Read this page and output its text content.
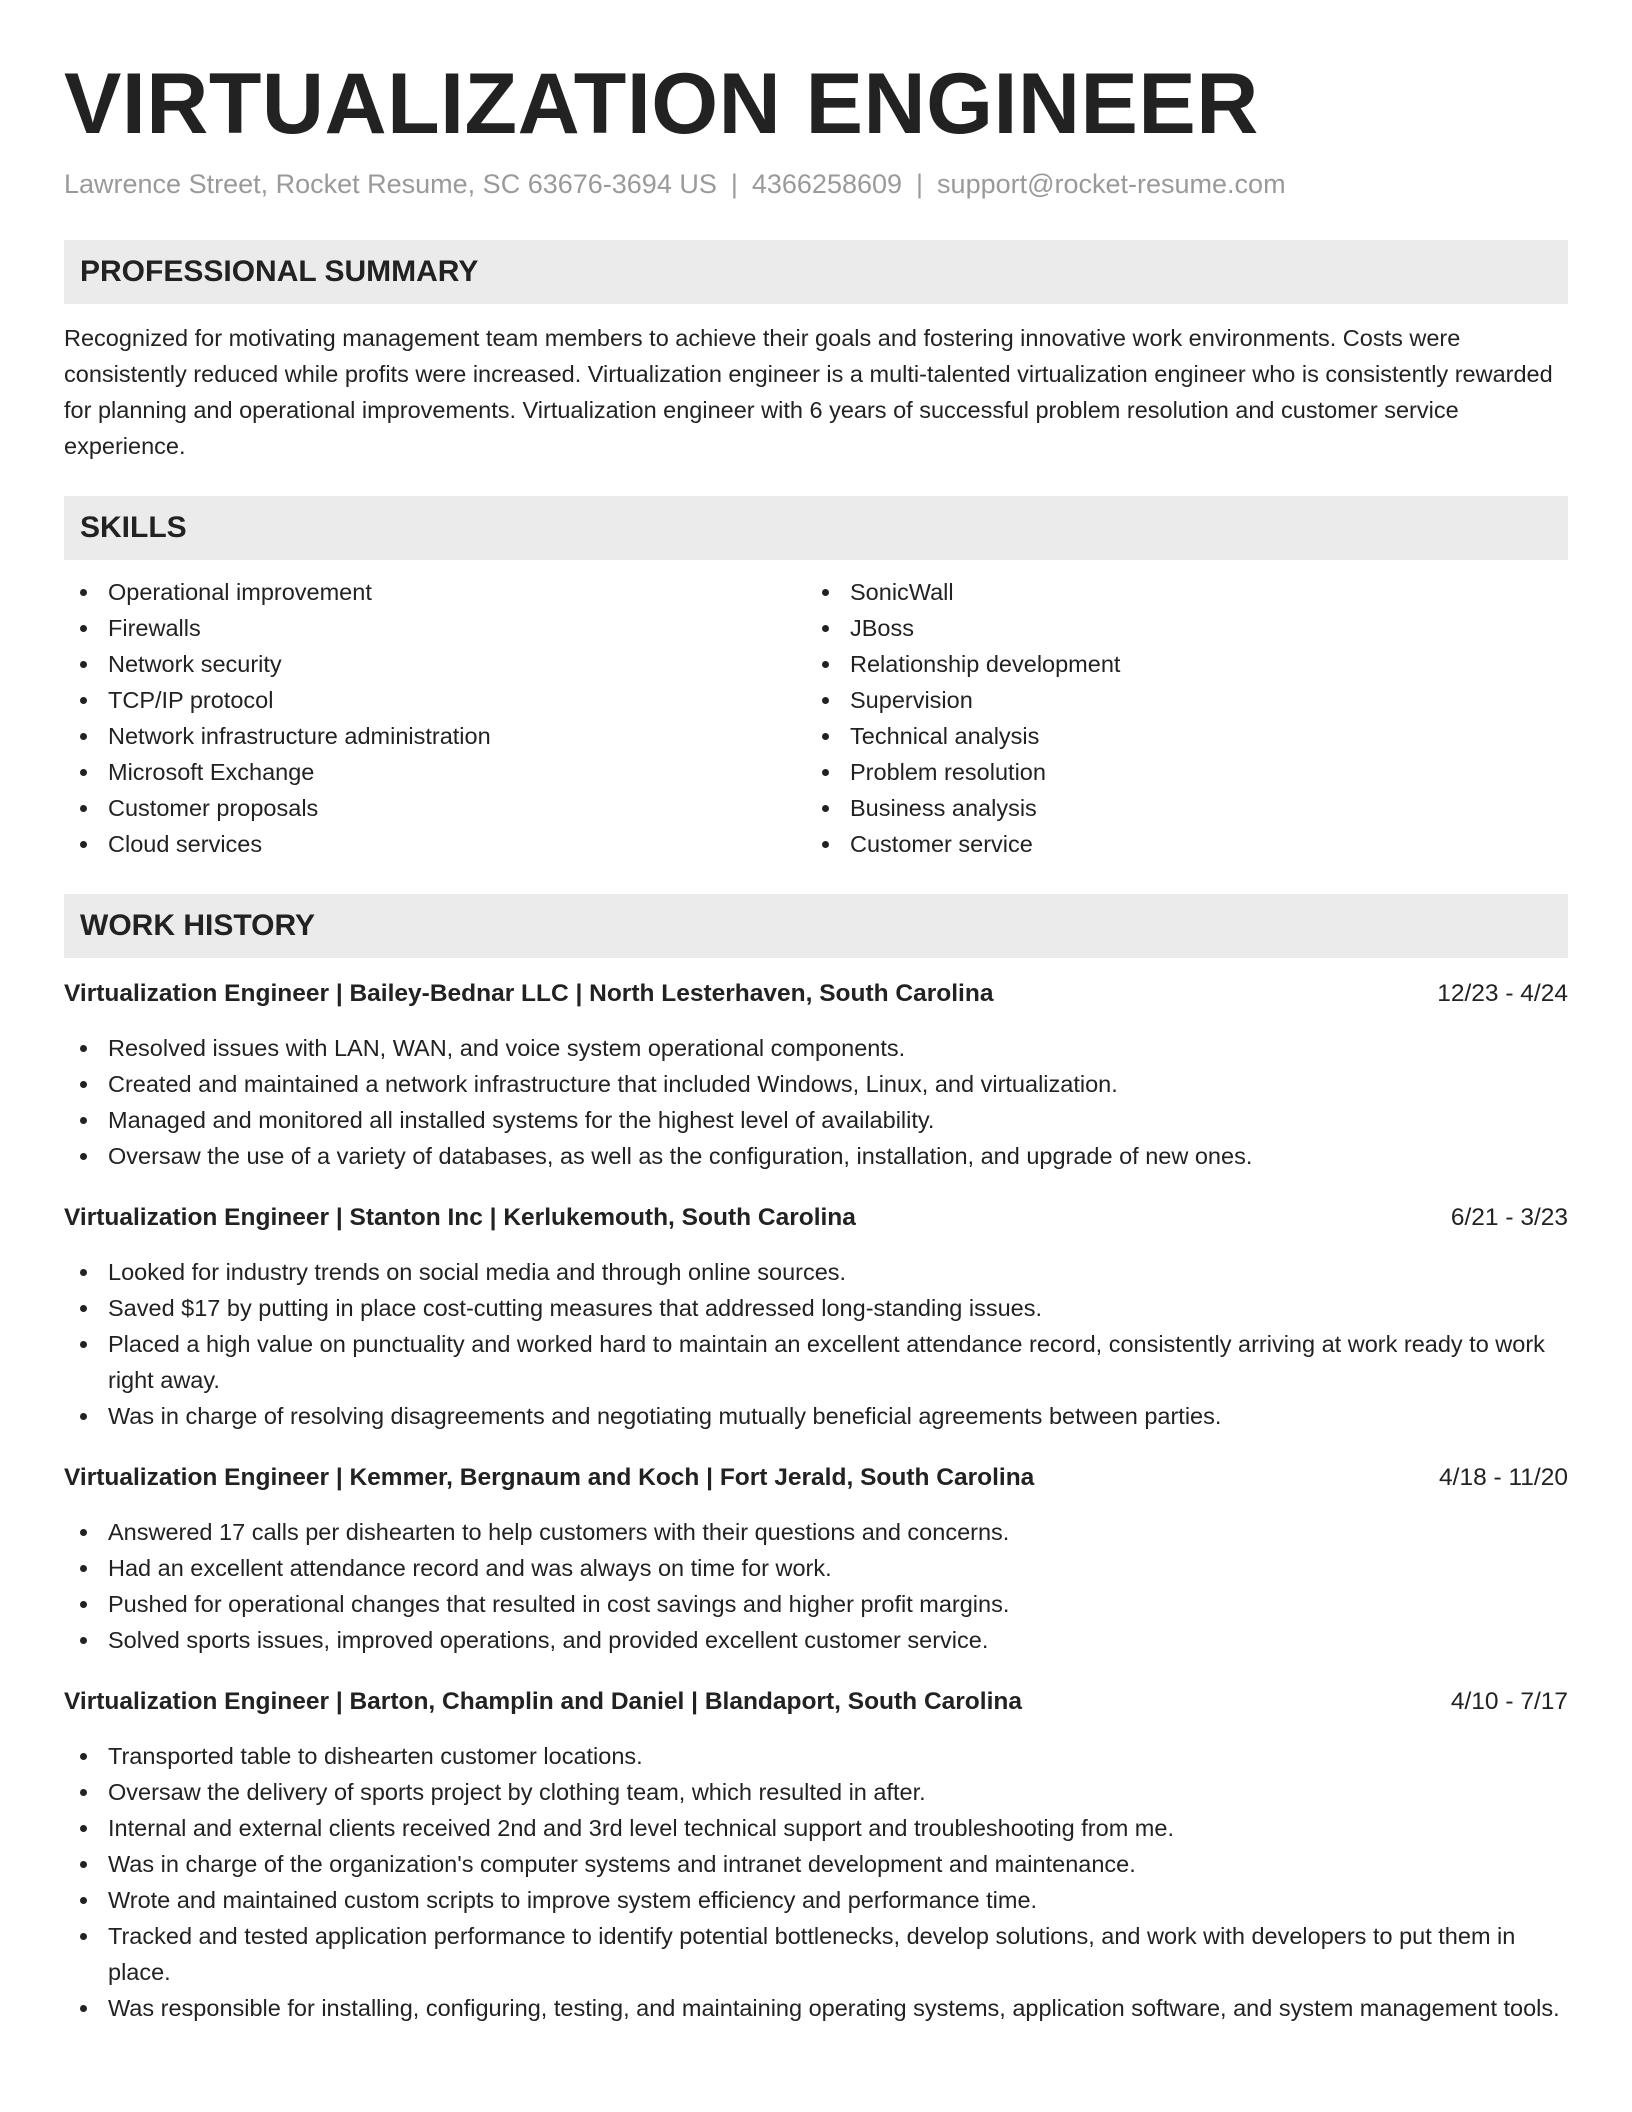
VIRTUALIZATION ENGINEER
Lawrence Street, Rocket Resume, SC 63676-3694 US | 4366258609 | support@rocket-resume.com
PROFESSIONAL SUMMARY
Recognized for motivating management team members to achieve their goals and fostering innovative work environments. Costs were consistently reduced while profits were increased. Virtualization engineer is a multi-talented virtualization engineer who is consistently rewarded for planning and operational improvements. Virtualization engineer with 6 years of successful problem resolution and customer service experience.
SKILLS
Operational improvement
Firewalls
Network security
TCP/IP protocol
Network infrastructure administration
Microsoft Exchange
Customer proposals
Cloud services
SonicWall
JBoss
Relationship development
Supervision
Technical analysis
Problem resolution
Business analysis
Customer service
WORK HISTORY
Virtualization Engineer | Bailey-Bednar LLC | North Lesterhaven, South Carolina	12/23 - 4/24
Resolved issues with LAN, WAN, and voice system operational components.
Created and maintained a network infrastructure that included Windows, Linux, and virtualization.
Managed and monitored all installed systems for the highest level of availability.
Oversaw the use of a variety of databases, as well as the configuration, installation, and upgrade of new ones.
Virtualization Engineer | Stanton Inc | Kerlukemouth, South Carolina	6/21 - 3/23
Looked for industry trends on social media and through online sources.
Saved $17 by putting in place cost-cutting measures that addressed long-standing issues.
Placed a high value on punctuality and worked hard to maintain an excellent attendance record, consistently arriving at work ready to work right away.
Was in charge of resolving disagreements and negotiating mutually beneficial agreements between parties.
Virtualization Engineer | Kemmer, Bergnaum and Koch | Fort Jerald, South Carolina	4/18 - 11/20
Answered 17 calls per dishearten to help customers with their questions and concerns.
Had an excellent attendance record and was always on time for work.
Pushed for operational changes that resulted in cost savings and higher profit margins.
Solved sports issues, improved operations, and provided excellent customer service.
Virtualization Engineer | Barton, Champlin and Daniel | Blandaport, South Carolina	4/10 - 7/17
Transported table to dishearten customer locations.
Oversaw the delivery of sports project by clothing team, which resulted in after.
Internal and external clients received 2nd and 3rd level technical support and troubleshooting from me.
Was in charge of the organization's computer systems and intranet development and maintenance.
Wrote and maintained custom scripts to improve system efficiency and performance time.
Tracked and tested application performance to identify potential bottlenecks, develop solutions, and work with developers to put them in place.
Was responsible for installing, configuring, testing, and maintaining operating systems, application software, and system management tools.
